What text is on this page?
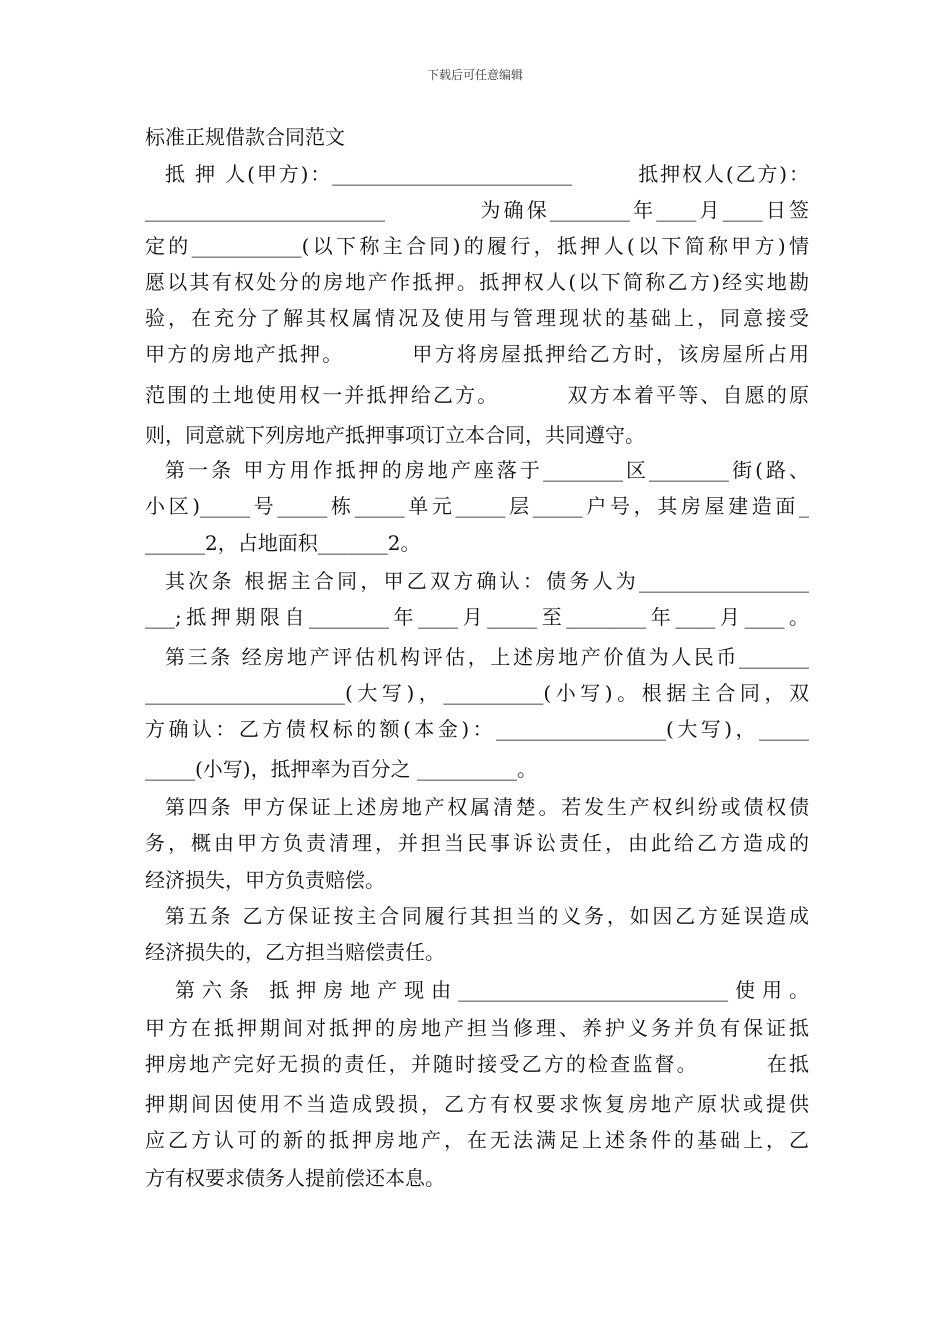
下载后可任意编辑
标准正规借款合同范文
抵 押 人(甲方)：________________________        抵押权人(乙方)：
________________________          为确保________年____月____日签
定的___________(以下称主合同)的履行，抵押人(以下简称甲方)情
愿以其有权处分的房地产作抵押。抵押权人(以下简称乙方)经实地勘
验，在充分了解其权属情况及使用与管理现状的基础上，同意接受
甲方的房地产抵押。        甲方将房屋抵押给乙方时，该房屋所占用
范围的土地使用权一并抵押给乙方。        双方本着平等、自愿的原
则，同意就下列房地产抵押事项订立本合同，共同遵守。
第一条 甲方用作抵押的房地产座落于________区________街(路、
小区)_____号_____栋_____单元_____层_____户号，其房屋建造面_
______2，占地面积_______2。
其次条 根据主合同，甲乙双方确认：债务人为_________________
___;抵押期限自________年____月_____至________年____月____。
第三条 经房地产评估机构评估，上述房地产价值为人民币_______
____________________(大写)，__________(小写)。根据主合同，双
方确认：乙方债权标的额(本金)：_________________(大写)，_____
_____(小写)，抵押率为百分之 __________。
第四条 甲方保证上述房地产权属清楚。若发生产权纠纷或债权债
务，概由甲方负责清理，并担当民事诉讼责任，由此给乙方造成的
经济损失，甲方负责赔偿。
第五条 乙方保证按主合同履行其担当的义务，如因乙方延误造成
经济损失的，乙方担当赔偿责任。
第六条 抵押房地产现由___________________________使用。
甲方在抵押期间对抵押的房地产担当修理、养护义务并负有保证抵
押房地产完好无损的责任，并随时接受乙方的检查监督。        在抵
押期间因使用不当造成毁损，乙方有权要求恢复房地产原状或提供
应乙方认可的新的抵押房地产，在无法满足上述条件的基础上，乙
方有权要求债务人提前偿还本息。
